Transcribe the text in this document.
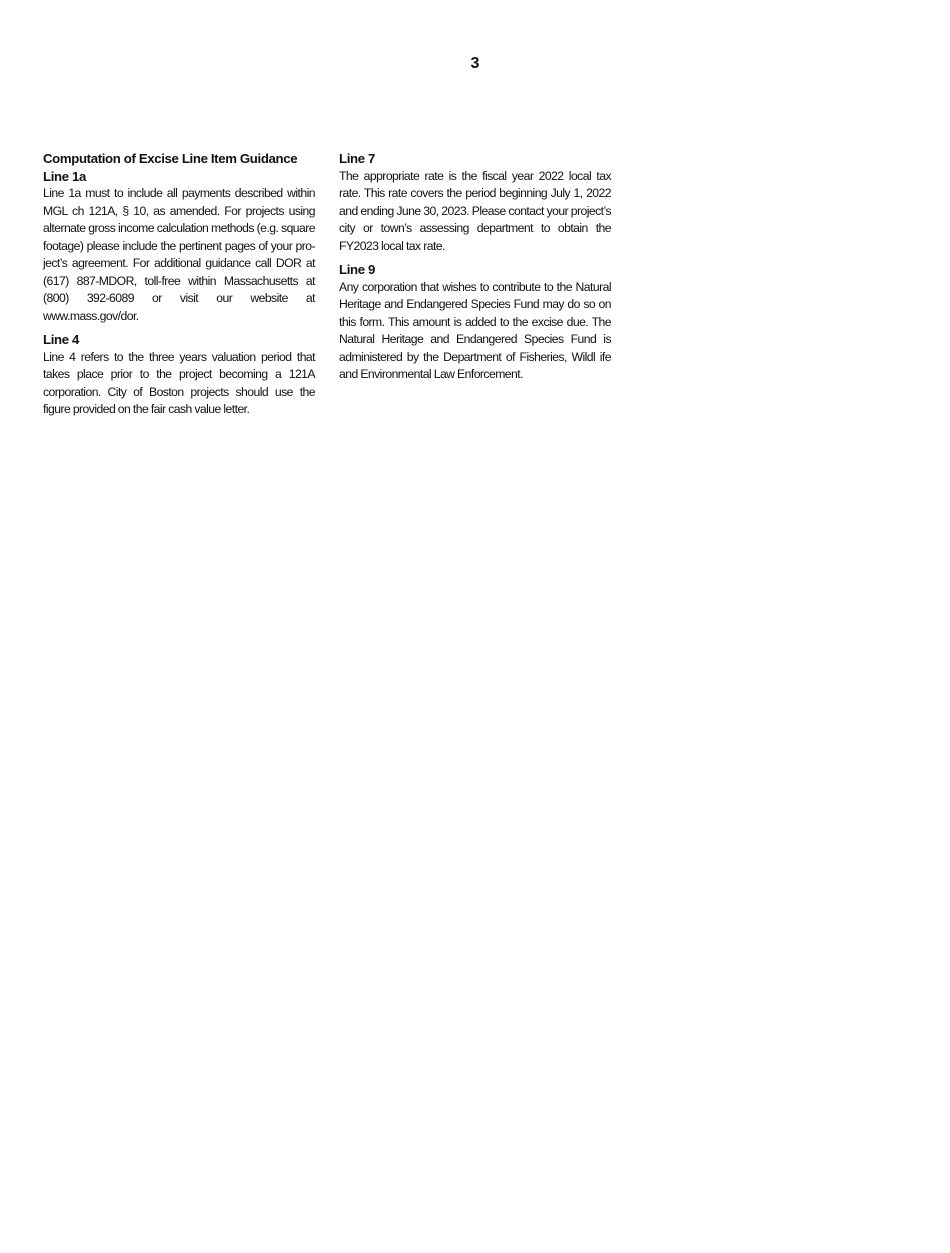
3
Computation of Excise Line Item Guidance
Line 1a

Line 1a must to include all payments described within MGL ch 121A, § 10, as amended. For projects using alternate gross income calculation methods (e.g. square footage) please include the pertinent pages of your pro-ject’s agreement. For additional guidance call DOR at (617) 887-MDOR, toll-free within Massachusetts at (800) 392-6089 or visit our website at www.mass.gov/dor.

Line 4

Line 4 refers to the three years valuation period that takes place prior to the project becoming a 121A corporation. City of Boston projects should use the figure provided on the fair cash value letter.

Line 7

The appropriate rate is the fiscal year 2022 local tax rate. This rate covers the period beginning July 1, 2022 and ending June 30, 2023. Please contact your project’s city or town’s assessing department to obtain the FY2023 local tax rate.

Line 9

Any corporation that wishes to contribute to the Natural Heritage and Endangered Species Fund may do so on this form. This amount is added to the excise due. The Natural Heritage and Endangered Species Fund is administered by the Department of Fisheries, Wildl ife and Environmental Law Enforcement.
